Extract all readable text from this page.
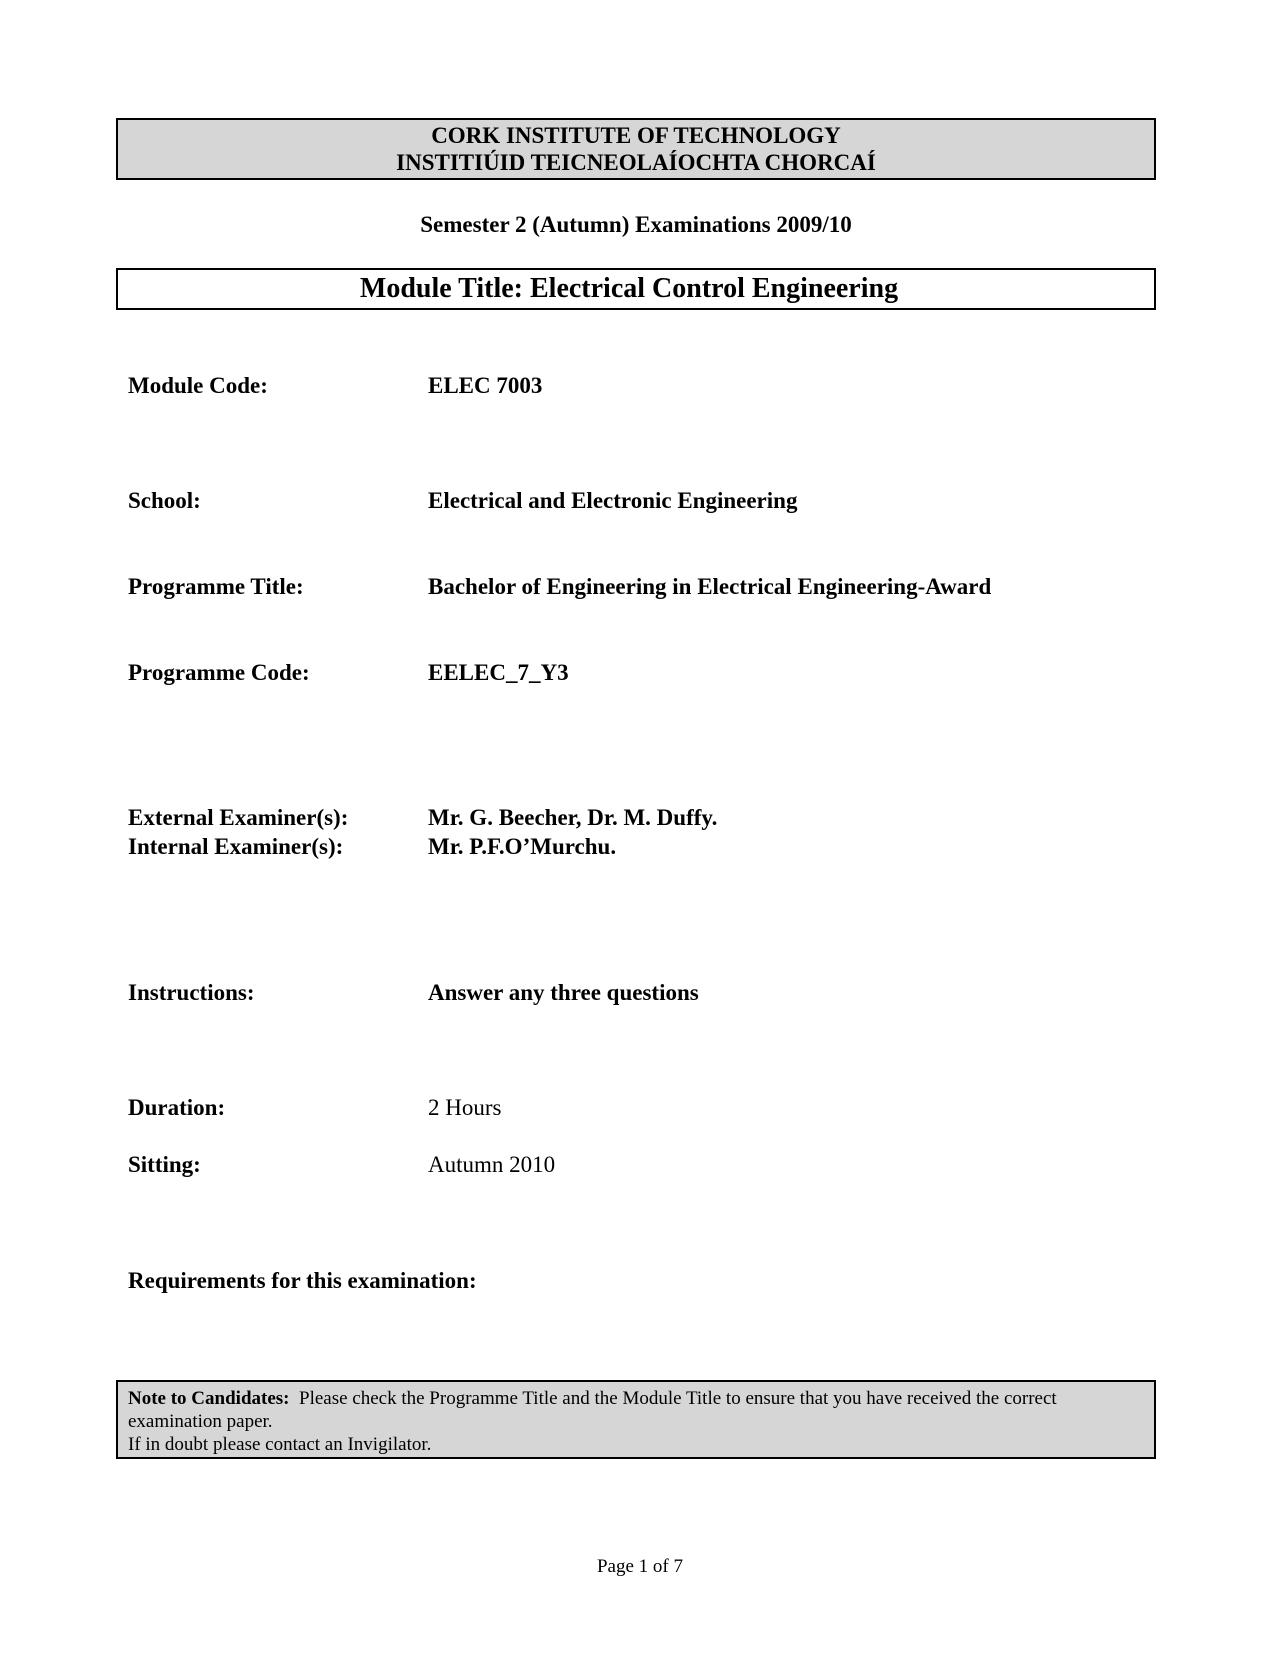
CORK INSTITUTE OF TECHNOLOGY
INSTITIÚID TEICNEOLAÍOCHTA CHORCAÍ
Semester 2 (Autumn) Examinations 2009/10
Module Title: Electrical Control Engineering
Module Code:	ELEC 7003
School:	Electrical and Electronic Engineering
Programme Title:	Bachelor of Engineering in Electrical Engineering-Award
Programme Code:	EELEC_7_Y3
External Examiner(s):	Mr. G. Beecher, Dr. M. Duffy.
Internal Examiner(s):	Mr. P.F.O’Murchu.
Instructions:	Answer any three questions
Duration:	2 Hours
Sitting:	Autumn 2010
Requirements for this examination:
Note to Candidates: Please check the Programme Title and the Module Title to ensure that you have received the correct examination paper.
If in doubt please contact an Invigilator.
Page 1 of 7
